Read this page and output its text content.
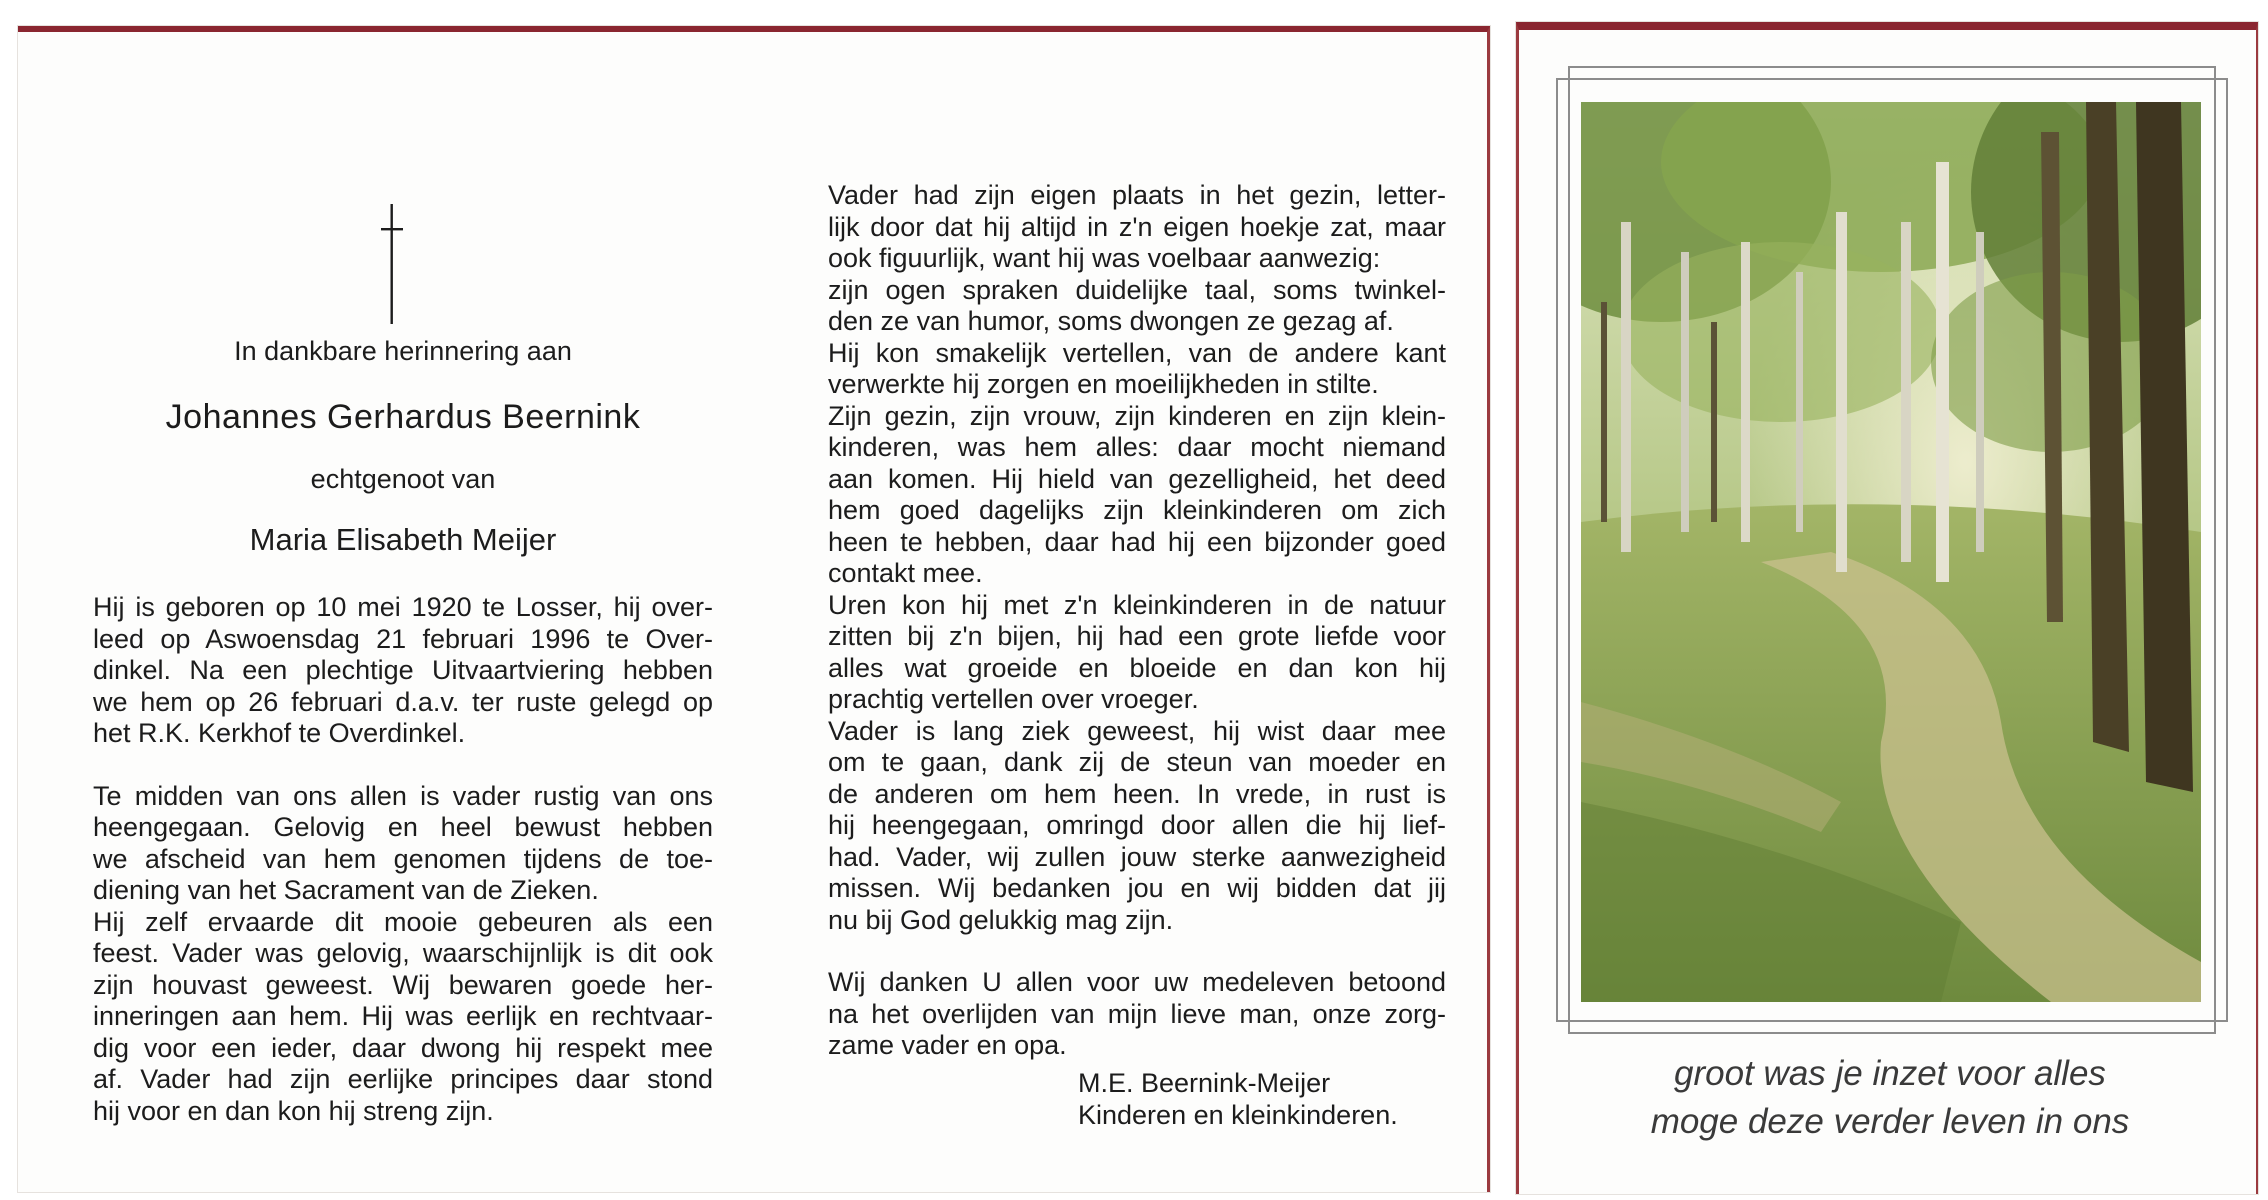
In dankbare herinnering aan
Johannes Gerhardus Beernink
echtgenoot van
Maria Elisabeth Meijer

Hij is geboren op 10 mei 1920 te Losser, hij over-

leed op Aswoensdag 21 februari 1996 te Over-

dinkel. Na een plechtige Uitvaartviering hebben

we hem op 26 februari d.a.v. ter ruste gelegd op

het R.K. Kerkhof te Overdinkel.

Te midden van ons allen is vader rustig van ons

heengegaan. Gelovig en heel bewust hebben

we afscheid van hem genomen tijdens de toe-

diening van het Sacrament van de Zieken.

Hij zelf ervaarde dit mooie gebeuren als een

feest. Vader was gelovig, waarschijnlijk is dit ook

zijn houvast geweest. Wij bewaren goede her-

inneringen aan hem. Hij was eerlijk en rechtvaar-

dig voor een ieder, daar dwong hij respekt mee

af. Vader had zijn eerlijke principes daar stond

hij voor en dan kon hij streng zijn.

Vader had zijn eigen plaats in het gezin, letter-

lijk door dat hij altijd in z'n eigen hoekje zat, maar

ook figuurlijk, want hij was voelbaar aanwezig:

zijn ogen spraken duidelijke taal, soms twinkel-

den ze van humor, soms dwongen ze gezag af.

Hij kon smakelijk vertellen, van de andere kant

verwerkte hij zorgen en moeilijkheden in stilte.

Zijn gezin, zijn vrouw, zijn kinderen en zijn klein-

kinderen, was hem alles: daar mocht niemand

aan komen. Hij hield van gezelligheid, het deed

hem goed dagelijks zijn kleinkinderen om zich

heen te hebben, daar had hij een bijzonder goed

contakt mee.

Uren kon hij met z'n kleinkinderen in de natuur

zitten bij z'n bijen, hij had een grote liefde voor

alles wat groeide en bloeide en dan kon hij

prachtig vertellen over vroeger.

Vader is lang ziek geweest, hij wist daar mee

om te gaan, dank zij de steun van moeder en

de anderen om hem heen. In vrede, in rust is

hij heengegaan, omringd door allen die hij lief-

had. Vader, wij zullen jouw sterke aanwezigheid

missen. Wij bedanken jou en wij bidden dat jij

nu bij God gelukkig mag zijn.

Wij danken U allen voor uw medeleven betoond

na het overlijden van mijn lieve man, onze zorg-

zame vader en opa.

M.E. Beernink-Meijer

Kinderen en kleinkinderen.

groot was je inzet voor alles
moge deze verder leven in ons
